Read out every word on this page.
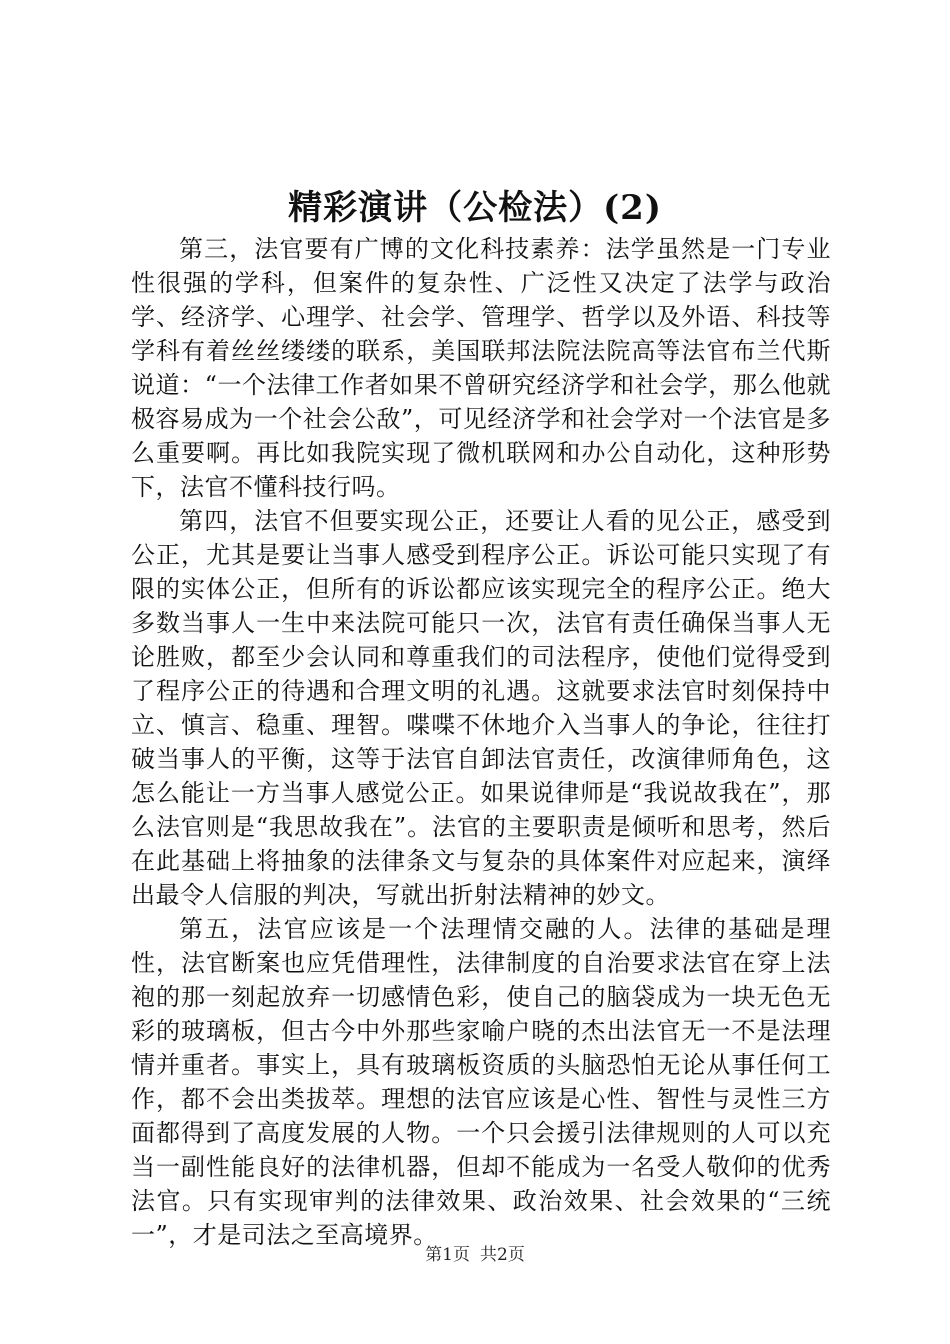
精彩演讲（公检法）(2)

第三，法官要有广博的文化科技素养：法学虽然是一门专业性很强的学科，但案件的复杂性、广泛性又决定了法学与政治学、经济学、心理学、社会学、管理学、哲学以及外语、科技等学科有着丝丝缕缕的联系，美国联邦法院法院高等法官布兰代斯说道：“一个法律工作者如果不曾研究经济学和社会学，那么他就极容易成为一个社会公敌”，可见经济学和社会学对一个法官是多么重要啊。再比如我院实现了微机联网和办公自动化，这种形势下，法官不懂科技行吗。

第四，法官不但要实现公正，还要让人看的见公正，感受到公正，尤其是要让当事人感受到程序公正。诉讼可能只实现了有限的实体公正，但所有的诉讼都应该实现完全的程序公正。绝大多数当事人一生中来法院可能只一次，法官有责任确保当事人无论胜败，都至少会认同和尊重我们的司法程序，使他们觉得受到了程序公正的待遇和合理文明的礼遇。这就要求法官时刻保持中立、慎言、稳重、理智。喋喋不休地介入当事人的争论，往往打破当事人的平衡，这等于法官自卸法官责任，改演律师角色，这怎么能让一方当事人感觉公正。如果说律师是“我说故我在”，那么法官则是“我思故我在”。法官的主要职责是倾听和思考，然后在此基础上将抽象的法律条文与复杂的具体案件对应起来，演绎出最令人信服的判决，写就出折射法精神的妙文。

第五，法官应该是一个法理情交融的人。法律的基础是理性，法官断案也应凭借理性，法律制度的自治要求法官在穿上法袍的那一刻起放弃一切感情色彩，使自己的脑袋成为一块无色无彩的玻璃板，但古今中外那些家喻户晓的杰出法官无一不是法理情并重者。事实上，具有玻璃板资质的头脑恐怕无论从事任何工作，都不会出类拔萃。理想的法官应该是心性、智性与灵性三方面都得到了高度发展的人物。一个只会援引法律规则的人可以充当一副性能良好的法律机器，但却不能成为一名受人敬仰的优秀法官。只有实现审判的法律效果、政治效果、社会效果的“三统一”，才是司法之至高境界。

第1页 共2页
